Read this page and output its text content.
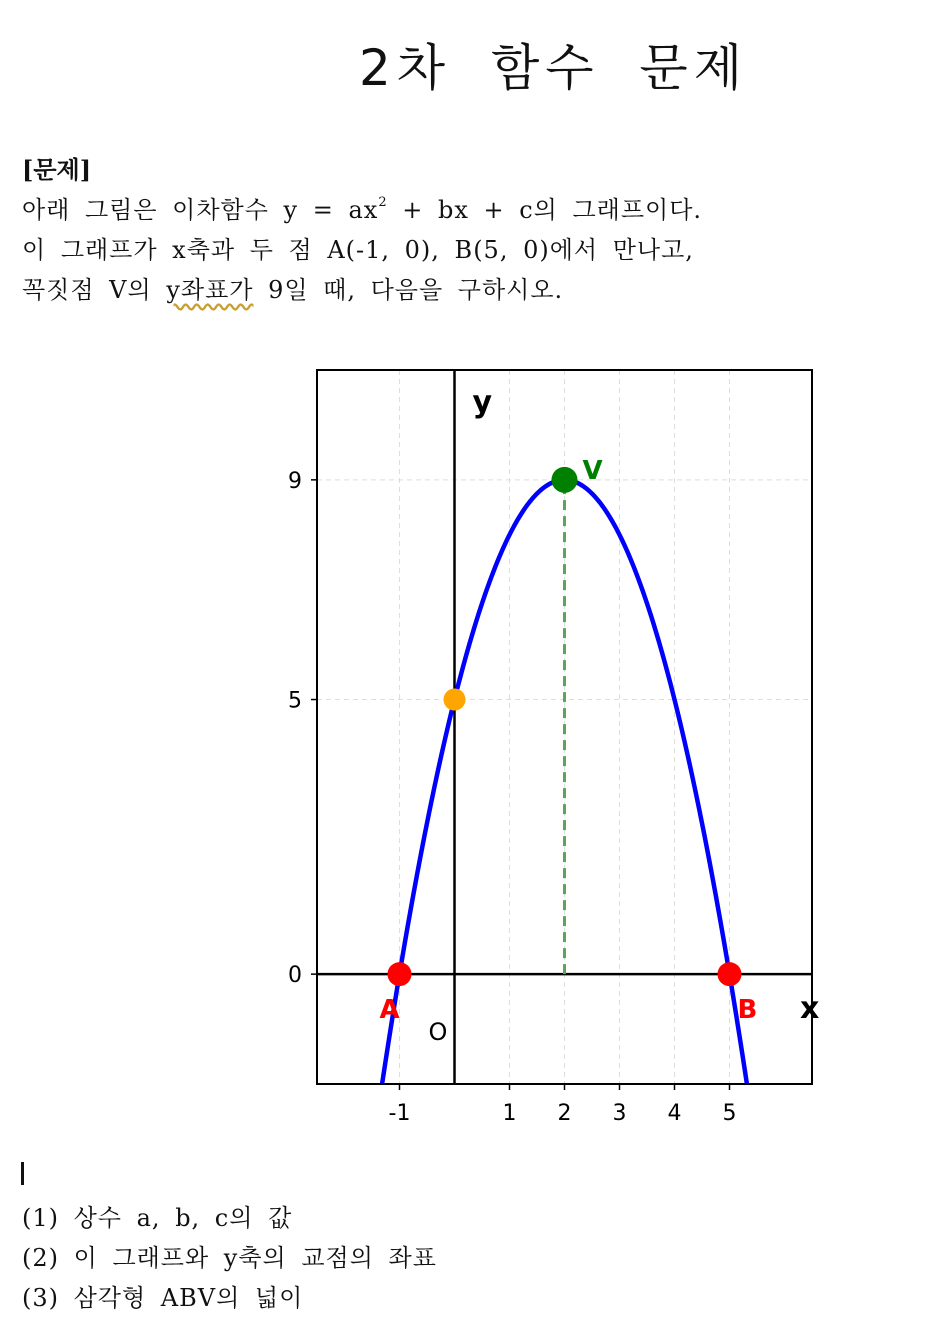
2차 함수 문제
[문제]
아래 그림은 이차함수 $y = ax^2$ + bx + c의 그래프이다.
이 그래프가 x축과 두 점 A(-1, 0), B(5, 0)에서 만나고,
꼭짓점 V의 y좌표가 9일 때, 다음을 구하시오.
-1	1 2 3 4 5
0
5
9
y
x
O
A	B
V
(1) 상수 a, b, c의 값
(2) 이 그래프와 y축의 교점의 좌표
(3) 삼각형 ABV의 넓이
